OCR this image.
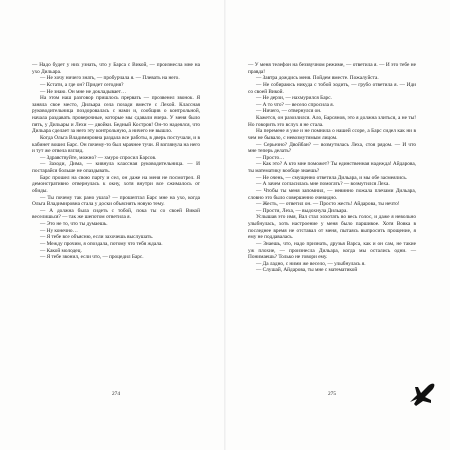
— Надо будет у них узнать, что у Барса с Викой, — произнесла мне на ухо Дильара.

— Не хочу ничего знать, — пробурчала я. — Плевать на него.

— Кстати, а где он? Придет сегодня?

— Не знаю. Он мне не докладывает…

На этом наш разговор пришлось прервать — прозвенел звонок. Я заняла свое место, Дильара села позади вместе с Лехой. Классная руководительница поздоровалась с нами и, сообщив о контрольной, начала раздавать проверочные, которые мы сдавали вчера. У меня было пять, у Дильары и Лехи — двойки. Бедный Костров! Он-то надеялся, что Дильара сделает за него эту контрольную, а ничего не вышло.

Когда Ольга Владимировна раздала все работы, в дверь постучали, и в кабинет вошел Барс. Он почему-то был мрачнее тучи. Я взглянула на него и тут же отвела взгляд.

— Здравствуйте, можно? — хмуро спросил Барсов.

— Заходи, Дима, — кивнула классная руководительница. — И постарайся больше не опаздывать.

Барс прошел на свою парту и сел, он даже на меня не посмотрел. Я демонстративно отвернулась к окну, хотя внутри все сжималось от обиды.

— Ты почему так рано ушла? — прошептал Барс мне на ухо, когда Ольга Владимировна стала у доски объяснять новую тему.

— А должна была сидеть с тобой, пока ты со своей Викой веселишься? — так же шепотом ответила я.

— Это не то, что ты думаешь.

— Ну конечно…

— Я тебе все объясню, если захочешь выслушать.

— Между прочим, я опоздала, потому что тебя ждала.

— Какой молодец.

— Я тебе звонил, если что, — процедил Барс.

— У меня телефон на беззвучном режиме, — ответила я. — И это тебе не правда!

— Завтра дождись меня. Пойдем вместе. Пожалуйста.

— Не собираюсь никуда с тобой ходить, — грубо ответила я. — Иди со своей Викой.

— Не дерзи, — нахмурился Барс.

— А то что? — весело спросила я.

— Ничего, — отвернулся он.

Кажется, он разозлился. Ало, Барсянов, это я должна злиться, а не ты! Но говорить это вслух я не стала.

На перемене я уже и не помнила о нашей ссоре, а Барс сидел как ни в чем не бывало, с невозмутимым лицом.

— Серьезно? Двойбан? — возмутилась Леха, стоя рядом. — И что мне теперь делать?

— Просто…

— Как это? А кто мне поможет? Ты единственная надежда! Айдарова, ты математику вообще знаешь?

— Не очень, — смущенно ответила Дильара, и мы обе засмеялись.

— А зачем согласилась мне помогать? — возмутился Леха.

— Чтобы ты меня запомнил, — невинно пожала плечами Дильара, словно это было совершенно очевидно.

— Жесть, — ответил он. — Просто жесть! Айдарова, ты нечто!

— Прости, Леха, — выдохнула Дильара.

Услышав это имя, Вал стал хохотать во весь голос, и даже я невольно улыбнулась, хоть настроение у меня было паршивое. Хотя Вовка в последнее время не отставал от меня, пытаясь выпросить прощение, я ему не поддавалась.

— Знаешь, что, надо признать, друзья Варса, как и он сам, не такие уж плохие, — произнесла Дильара, когда мы остались одни. — Понимаешь? Только не говори ему.

— Да ладно, с ними же весело, — улыбнулась я.

— Слушай, Айдарова, ты мне с математикой

274	275
